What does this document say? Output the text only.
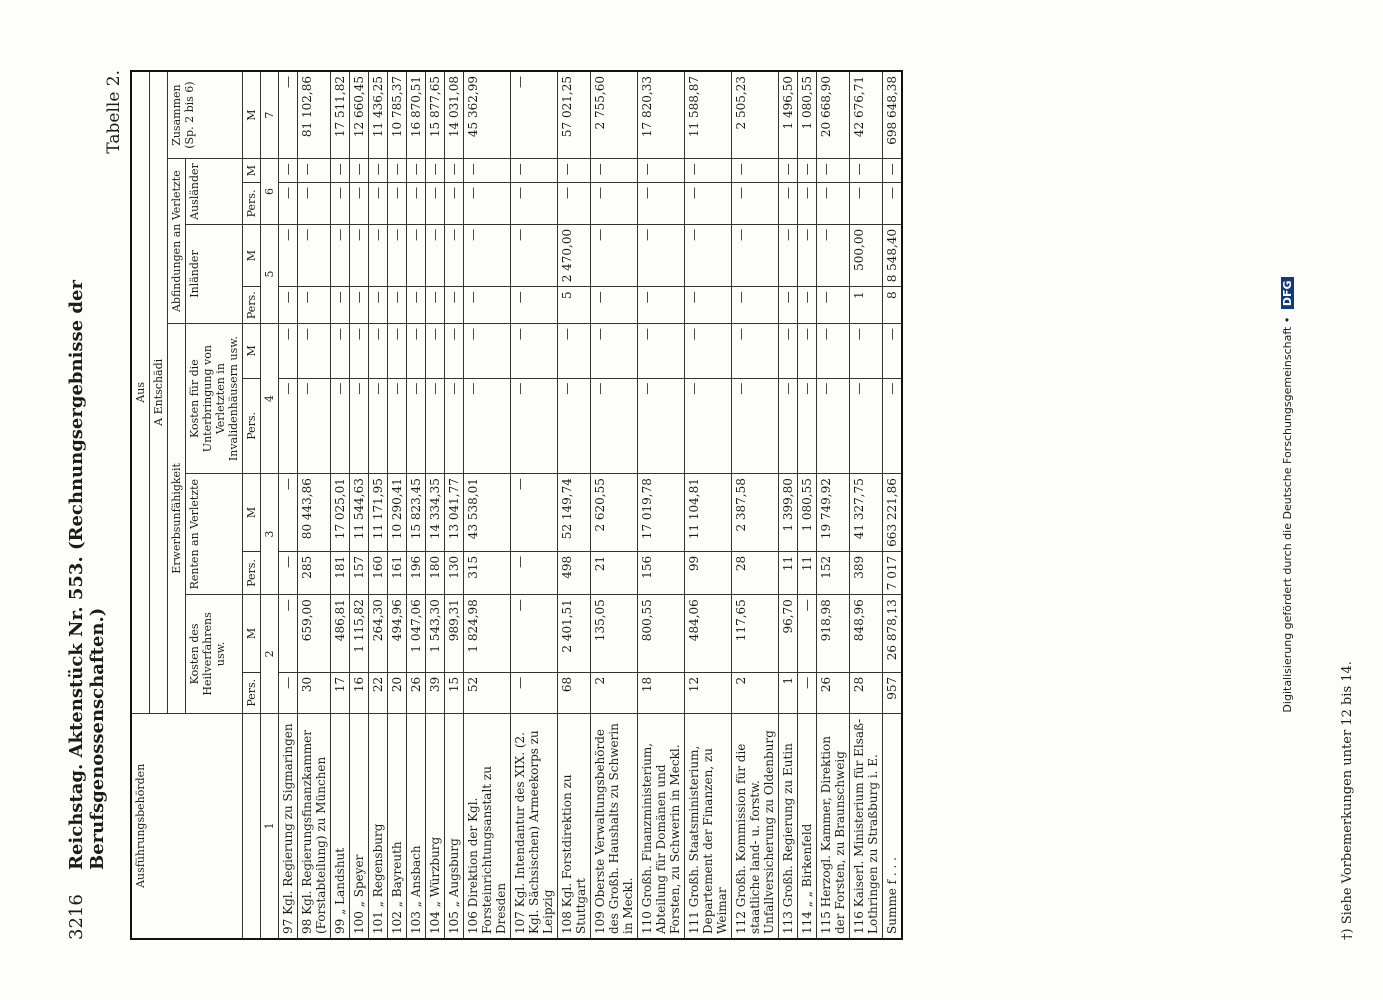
Digitalisierung gefördert durch die Deutsche Forschungsgemeinschaft • DFG
3216
Reichstag. Aktenstück Nr. 553. (Rechnungsergebnisse der Berufsgenossenschaften.)
Tabelle 2.
Ausführungsbehörden	Aus										
	A Entschädi										
	Erwerbsunfähigkeit						Abfindungen an Verletzte				Zusammen (Sp. 2 bis 6)
	Kosten des Heilverfahrens usw.		Renten an Verletzte		Kosten für die Unterbringung von Verletzten in Invalidenhäusern usw.		Inländer		Ausländer		
	Pers.	M	Pers.	M	Pers.	M	Pers.	M	Pers.	M	M
1	2		3		4		5		6		7
97 Kgl. Regierung zu Sigmaringen	—	—	—	—	—	—	—	—	—	—	—
98 Kgl. Regierungsfinanzkammer (Forstabteilung) zu München	30	659,00	285	80 443,86	—	—	—	—	—	—	81 102,86
99 „ Landshut	17	486,81	181	17 025,01	—	—	—	—	—	—	17 511,82
100 „ Speyer	16	1 115,82	157	11 544,63	—	—	—	—	—	—	12 660,45
101 „ Regensburg	22	264,30	160	11 171,95	—	—	—	—	—	—	11 436,25
102 „ Bayreuth	20	494,96	161	10 290,41	—	—	—	—	—	—	10 785,37
103 „ Ansbach	26	1 047,06	196	15 823,45	—	—	—	—	—	—	16 870,51
104 „ Würzburg	39	1 543,30	180	14 334,35	—	—	—	—	—	—	15 877,65
105 „ Augsburg	15	989,31	130	13 041,77	—	—	—	—	—	—	14 031,08
106 Direktion der Kgl. Forsteinrichtungsanstalt zu Dresden	52	1 824,98	315	43 538,01	—	—	—	—	—	—	45 362,99
107 Kgl. Intendantur des XIX. (2. Kgl. Sächsischen) Armeekorps zu Leipzig	—	—	—	—	—	—	—	—	—	—	—
108 Kgl. Forstdirektion zu Stuttgart	68	2 401,51	498	52 149,74	—	—	5	2 470,00	—	—	57 021,25
109 Oberste Verwaltungsbehörde des Großh. Haushalts zu Schwerin in Meckl.	2	135,05	21	2 620,55	—	—	—	—	—	—	2 755,60
110 Großh. Finanzministerium, Abteilung für Domänen und Forsten, zu Schwerin in Meckl.	18	800,55	156	17 019,78	—	—	—	—	—	—	17 820,33
111 Großh. Staatsministerium, Departement der Finanzen, zu Weimar	12	484,06	99	11 104,81	—	—	—	—	—	—	11 588,87
112 Großh. Kommission für die staatliche land- u. forstw. Unfallversicherung zu Oldenburg	2	117,65	28	2 387,58	—	—	—	—	—	—	2 505,23
113 Großh. Regierung zu Eutin	1	96,70	11	1 399,80	—	—	—	—	—	—	1 496,50
114 „ „ Birkenfeld	—	—	11	1 080,55	—	—	—	—	—	—	1 080,55
115 Herzogl. Kammer, Direktion der Forsten, zu Braunschweig	26	918,98	152	19 749,92	—	—	—	—	—	—	20 668,90
116 Kaiserl. Ministerium für Elsaß-Lothringen zu Straßburg i. E.	28	848,96	389	41 327,75	—	—	1	500,00	—	—	42 676,71
Summe f . . .	957	26 878,13	7 017	663 221,86	—	—	8	8 548,40	—	—	698 648,38
†) Siehe Vorbemerkungen unter 12 bis 14.
